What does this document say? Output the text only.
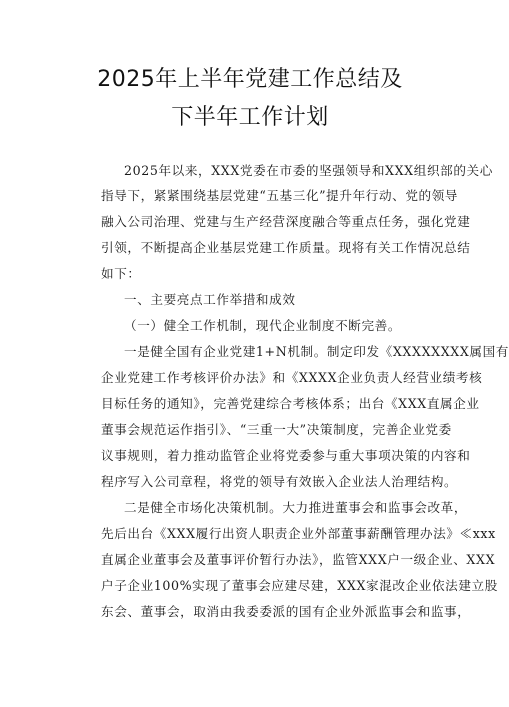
2025年上半年党建工作总结及
下半年工作计划
2025年以来，XXX党委在市委的坚强领导和XXX组织部的关心
指导下，紧紧围绕基层党建“五基三化”提升年行动、党的领导
融入公司治理、党建与生产经营深度融合等重点任务，强化党建
引领，不断提高企业基层党建工作质量。现将有关工作情况总结
如下：
一、主要亮点工作举措和成效
（一）健全工作机制，现代企业制度不断完善。
一是健全国有企业党建1+N机制。制定印发《XXXXXXXX属国有
企业党建工作考核评价办法》和《XXXX企业负责人经营业绩考核
目标任务的通知》，完善党建综合考核体系；出台《XXX直属企业
董事会规范运作指引》、“三重一大”决策制度，完善企业党委
议事规则，着力推动监管企业将党委参与重大事项决策的内容和
程序写入公司章程，将党的领导有效嵌入企业法人治理结构。
二是健全市场化决策机制。大力推进董事会和监事会改革，
先后出台《XXX履行出资人职责企业外部董事薪酬管理办法》≪xxx
直属企业董事会及董事评价暂行办法》，监管XXX户一级企业、XXX
户子企业100%实现了董事会应建尽建，XXX家混改企业依法建立股
东会、董事会，取消由我委委派的国有企业外派监事会和监事，
